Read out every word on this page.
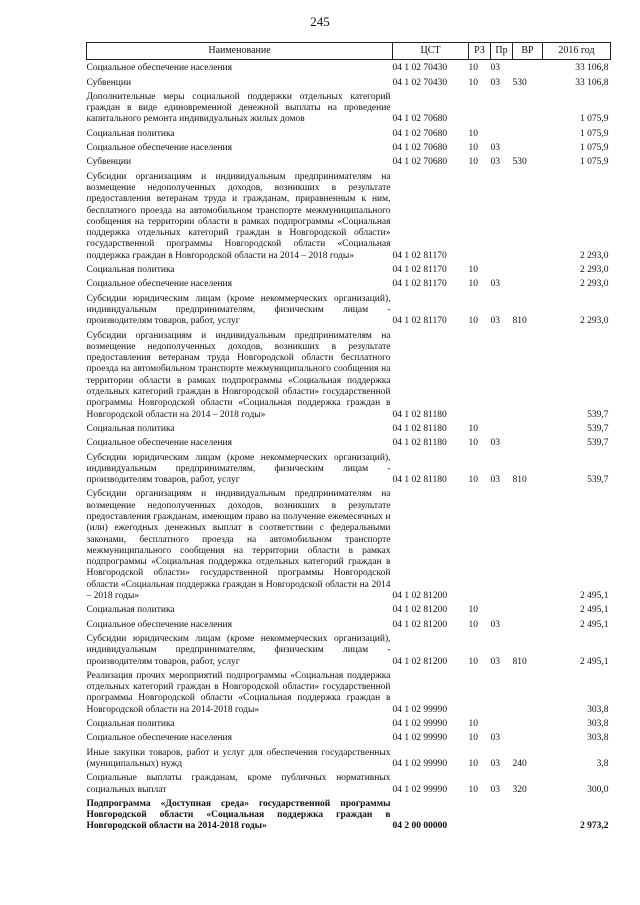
245
Наименование	ЦСТ	РЗ	Пр	ВР	2016 год
Социальное обеспечение населения	04 1 02 70430	10	03		33 106,8
Субвенции	04 1 02 70430	10	03	530	33 106,8
Дополнительные меры социальной поддержки отдельных категорий граждан в виде единовременной денежной выплаты на проведение капитального ремонта индивидуальных жилых домов	04 1 02 70680				1 075,9
Социальная политика	04 1 02 70680	10			1 075,9
Социальное обеспечение населения	04 1 02 70680	10	03		1 075,9
Субвенции	04 1 02 70680	10	03	530	1 075,9
Субсидии организациям и индивидуальным предпринимателям на возмещение недополученных доходов, возникших в результате предоставления ветеранам труда и гражданам, приравненным к ним, бесплатного проезда на автомобильном транспорте межмуниципального сообщения на территории области в рамках подпрограммы «Социальная поддержка отдельных категорий граждан в Новгородской области» государственной программы Новгородской области «Социальная поддержка граждан в Новгородской области на 2014 – 2018 годы»	04 1 02 81170				2 293,0
Социальная политика	04 1 02 81170	10			2 293,0
Социальное обеспечение населения	04 1 02 81170	10	03		2 293,0
Субсидии юридическим лицам (кроме некоммерческих организаций), индивидуальным предпринимателям, физическим лицам - производителям товаров, работ, услуг	04 1 02 81170	10	03	810	2 293,0
Субсидии организациям и индивидуальным предпринимателям на возмещение недополученных доходов, возникших в результате предоставления ветеранам труда Новгородской области бесплатного проезда на автомобильном транспорте межмуниципального сообщения на территории области в рамках подпрограммы «Социальная поддержка отдельных категорий граждан в Новгородской области» государственной программы Новгородской области «Социальная поддержка граждан в Новгородской области на 2014 – 2018 годы»	04 1 02 81180				539,7
Социальная политика	04 1 02 81180	10			539,7
Социальное обеспечение населения	04 1 02 81180	10	03		539,7
Субсидии юридическим лицам (кроме некоммерческих организаций), индивидуальным предпринимателям, физическим лицам - производителям товаров, работ, услуг	04 1 02 81180	10	03	810	539,7
Субсидии организациям и индивидуальным предпринимателям на возмещение недополученных доходов, возникших в результате предоставления гражданам, имеющим право на получение ежемесячных и (или) ежегодных денежных выплат в соответствии с федеральными законами, бесплатного проезда на автомобильном транспорте межмуниципального сообщения на территории области в рамках подпрограммы «Социальная поддержка отдельных категорий граждан в Новгородской области» государственной программы Новгородской области «Социальная поддержка граждан в Новгородской области на 2014 – 2018 годы»	04 1 02 81200				2 495,1
Социальная политика	04 1 02 81200	10			2 495,1
Социальное обеспечение населения	04 1 02 81200	10	03		2 495,1
Субсидии юридическим лицам (кроме некоммерческих организаций), индивидуальным предпринимателям, физическим лицам - производителям товаров, работ, услуг	04 1 02 81200	10	03	810	2 495,1
Реализация прочих мероприятий подпрограммы «Социальная поддержка отдельных категорий граждан в Новгородской области» государственной программы Новгородской области «Социальная поддержка граждан в Новгородской области на 2014-2018 годы»	04 1 02 99990				303,8
Социальная политика	04 1 02 99990	10			303,8
Социальное обеспечение населения	04 1 02 99990	10	03		303,8
Иные закупки товаров, работ и услуг для обеспечения государственных (муниципальных) нужд	04 1 02 99990	10	03	240	3,8
Социальные выплаты гражданам, кроме публичных нормативных социальных выплат	04 1 02 99990	10	03	320	300,0
Подпрограмма «Доступная среда» государственной программы Новгородской области «Социальная поддержка граждан в Новгородской области на 2014-2018 годы»	04 2 00 00000				2 973,2
